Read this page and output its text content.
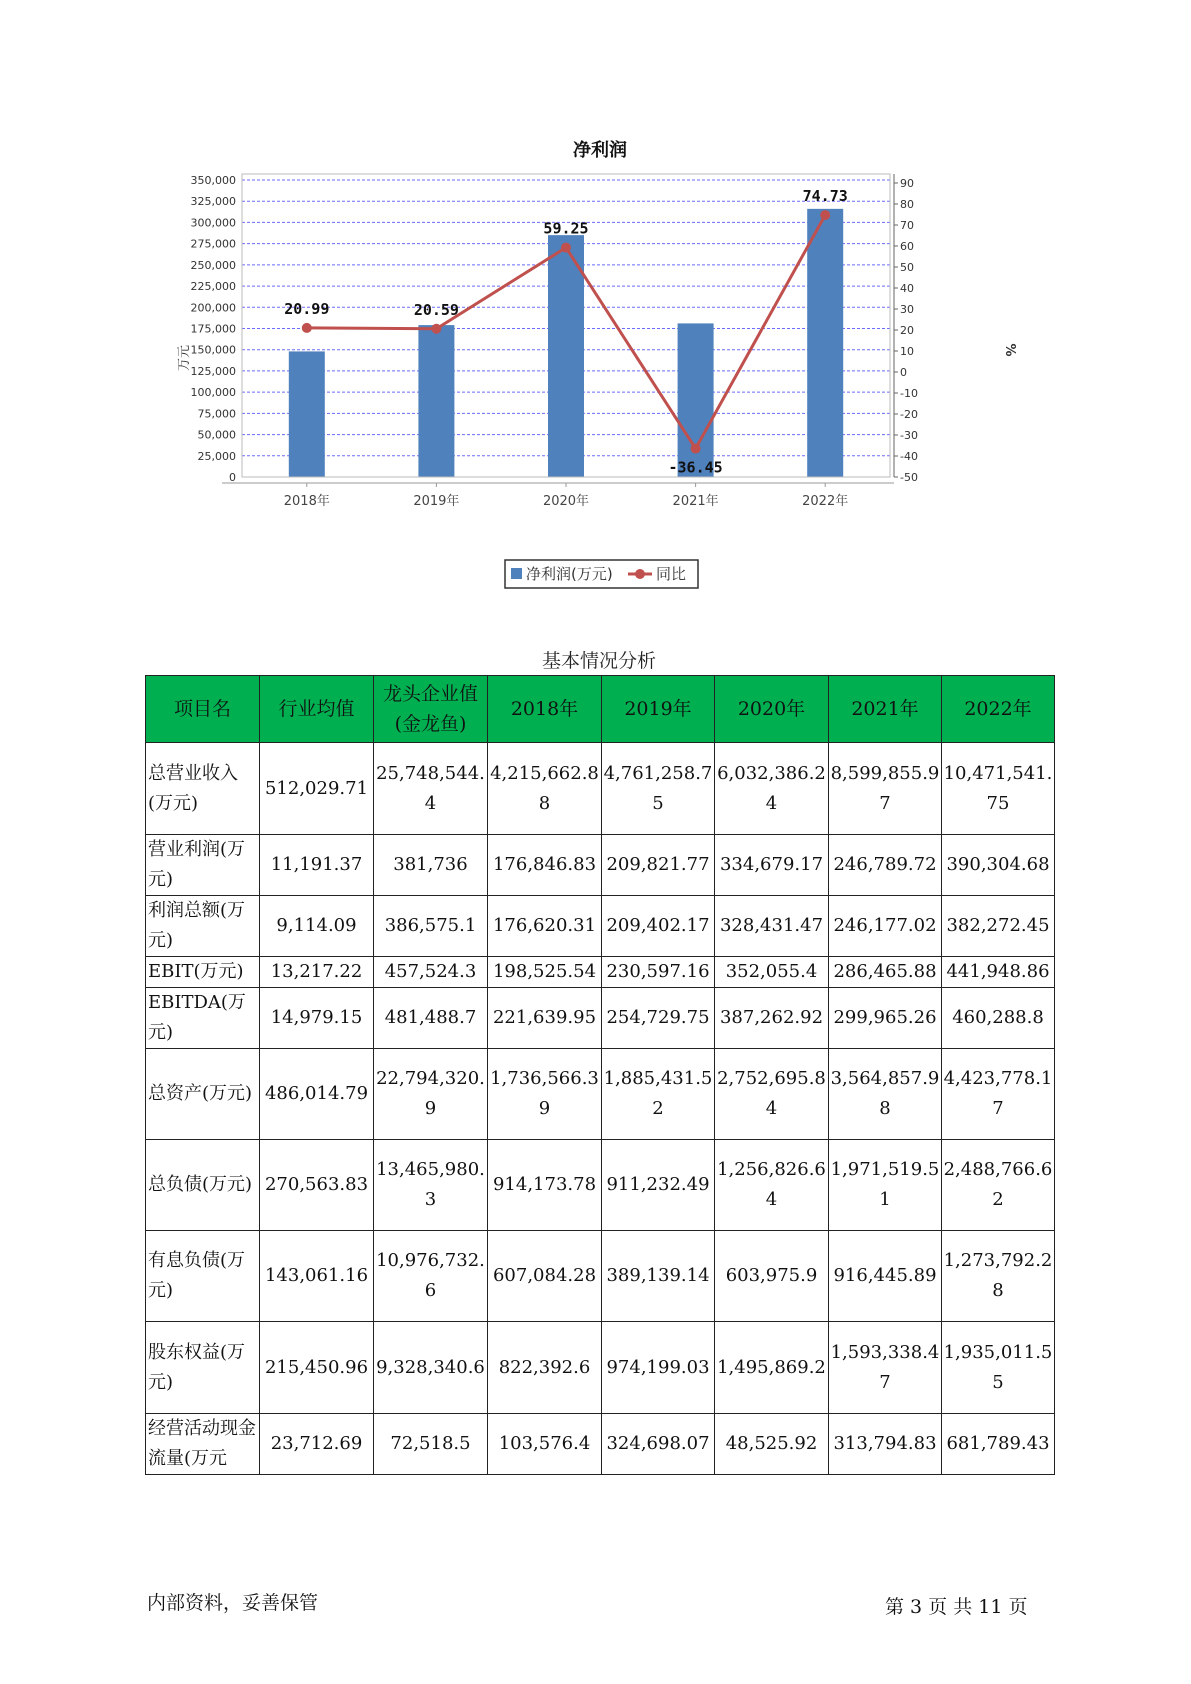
净利润
0
25,000
50,000
75,000
100,000
125,000
150,000
175,000
200,000
225,000
250,000
275,000
300,000
325,000
350,000
-50
-40
-30
-20
-10
0
10
20
30
40
50
60
70
80
90
2018年	2019年	2020年	2021年	2022年
20.99	20.59
59.25
-36.45
74.73
万元	%
净利润(万元)	同比
基本情况分析
项目名	行业均值	龙头企业值(金龙鱼)	2018年	2019年	2020年	2021年	2022年
总营业收入(万元)	512,029.71	25,748,544.4	4,215,662.88	4,761,258.75	6,032,386.24	8,599,855.97	10,471,541.75
营业利润(万元)	11,191.37	381,736	176,846.83	209,821.77	334,679.17	246,789.72	390,304.68
利润总额(万元)	9,114.09	386,575.1	176,620.31	209,402.17	328,431.47	246,177.02	382,272.45
EBIT(万元)	13,217.22	457,524.3	198,525.54	230,597.16	352,055.4	286,465.88	441,948.86
EBITDA(万元)	14,979.15	481,488.7	221,639.95	254,729.75	387,262.92	299,965.26	460,288.8
总资产(万元)	486,014.79	22,794,320.9	1,736,566.39	1,885,431.52	2,752,695.84	3,564,857.98	4,423,778.17
总负债(万元)	270,563.83	13,465,980.3	914,173.78	911,232.49	1,256,826.64	1,971,519.51	2,488,766.62
有息负债(万元)	143,061.16	10,976,732.6	607,084.28	389,139.14	603,975.9	916,445.89	1,273,792.28
股东权益(万元)	215,450.96	9,328,340.6	822,392.6	974,199.03	1,495,869.2	1,593,338.47	1,935,011.55
经营活动现金流量(万元	23,712.69	72,518.5	103,576.4	324,698.07	48,525.92	313,794.83	681,789.43
内部资料，妥善保管	第 3 页 共 11 页
